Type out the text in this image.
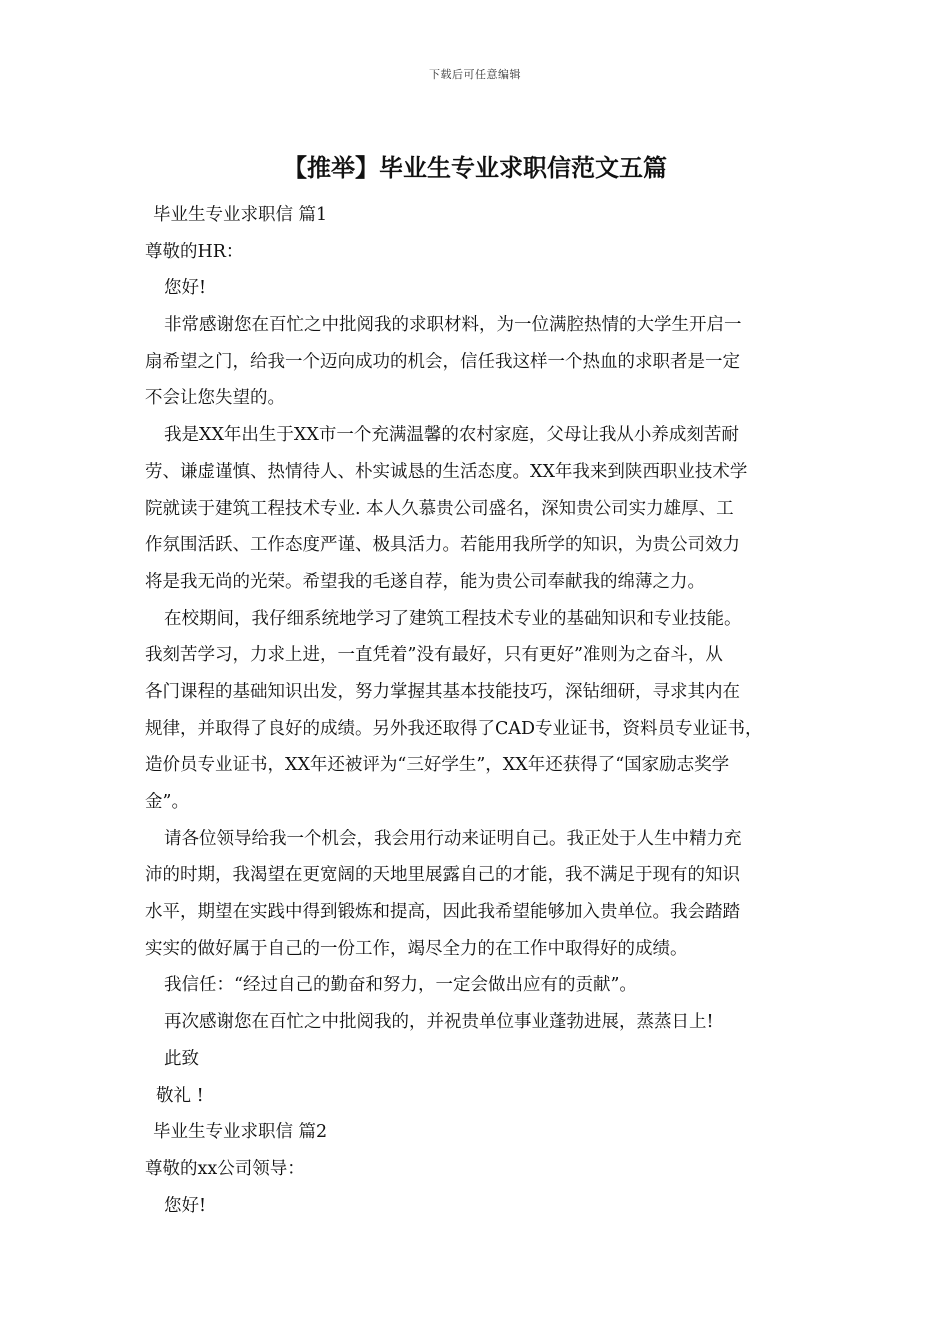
下载后可任意编辑
【推举】毕业生专业求职信范文五篇
毕业生专业求职信 篇1
尊敬的HR：
您好!
非常感谢您在百忙之中批阅我的求职材料，为一位满腔热情的大学生开启一
扇希望之门，给我一个迈向成功的机会，信任我这样一个热血的求职者是一定
不会让您失望的。
我是XX年出生于XX市一个充满温馨的农村家庭，父母让我从小养成刻苦耐
劳、谦虚谨慎、热情待人、朴实诚恳的生活态度。XX年我来到陕西职业技术学
院就读于建筑工程技术专业. 本人久慕贵公司盛名，深知贵公司实力雄厚、工
作氛围活跃、工作态度严谨、极具活力。若能用我所学的知识，为贵公司效力
将是我无尚的光荣。希望我的毛遂自荐，能为贵公司奉献我的绵薄之力。
在校期间，我仔细系统地学习了建筑工程技术专业的基础知识和专业技能。
我刻苦学习，力求上进，一直凭着”没有最好，只有更好”准则为之奋斗，从
各门课程的基础知识出发，努力掌握其基本技能技巧，深钻细研，寻求其内在
规律，并取得了良好的成绩。另外我还取得了CAD专业证书，资料员专业证书，
造价员专业证书，XX年还被评为“三好学生”，XX年还获得了“国家励志奖学
金”。
请各位领导给我一个机会，我会用行动来证明自己。我正处于人生中精力充
沛的时期，我渴望在更宽阔的天地里展露自己的才能，我不满足于现有的知识
水平，期望在实践中得到锻炼和提高，因此我希望能够加入贵单位。我会踏踏
实实的做好属于自己的一份工作，竭尽全力的在工作中取得好的成绩。
我信任：“经过自己的勤奋和努力，一定会做出应有的贡献”。
再次感谢您在百忙之中批阅我的，并祝贵单位事业蓬勃进展，蒸蒸日上!
此致
敬礼 !
毕业生专业求职信 篇2
尊敬的xx公司领导：
您好!
